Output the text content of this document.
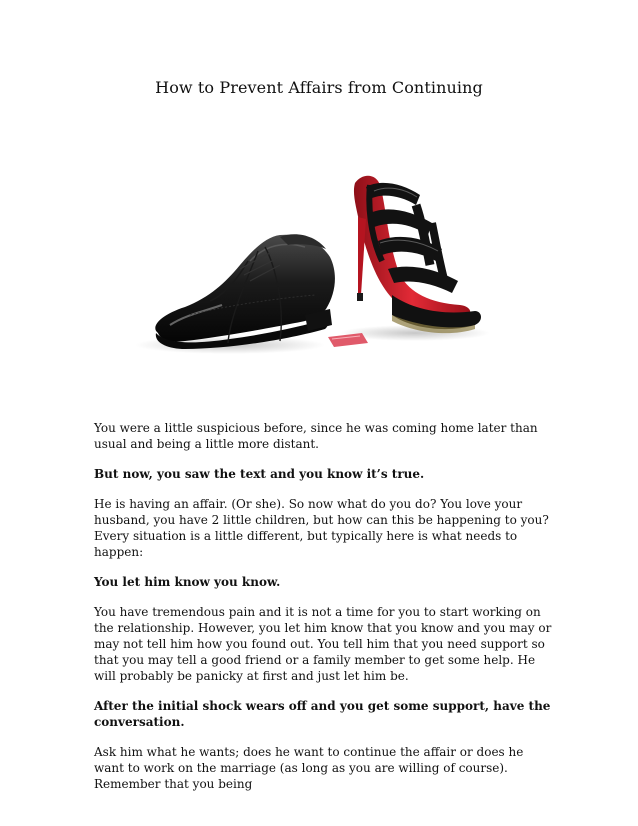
How to Prevent Affairs from Continuing

You were a little suspicious before, since he was coming home later than usual and being a little more distant.

But now, you saw the text and you know it’s true.

He is having an affair. (Or she). So now what do you do? You love your husband, you have 2 little children, but how can this be happening to you? Every situation is a little different, but typically here is what needs to happen:

You let him know you know.

You have tremendous pain and it is not a time for you to start working on the relationship. However, you let him know that you know and you may or may not tell him how you found out. You tell him that you need support so that you may tell a good friend or a family member to get some help. He will probably be panicky at first and just let him be.

After the initial shock wears off and you get some support, have the conversation.

Ask him what he wants; does he want to continue the affair or does he want to work on the marriage (as long as you are willing of course). Remember that you being
